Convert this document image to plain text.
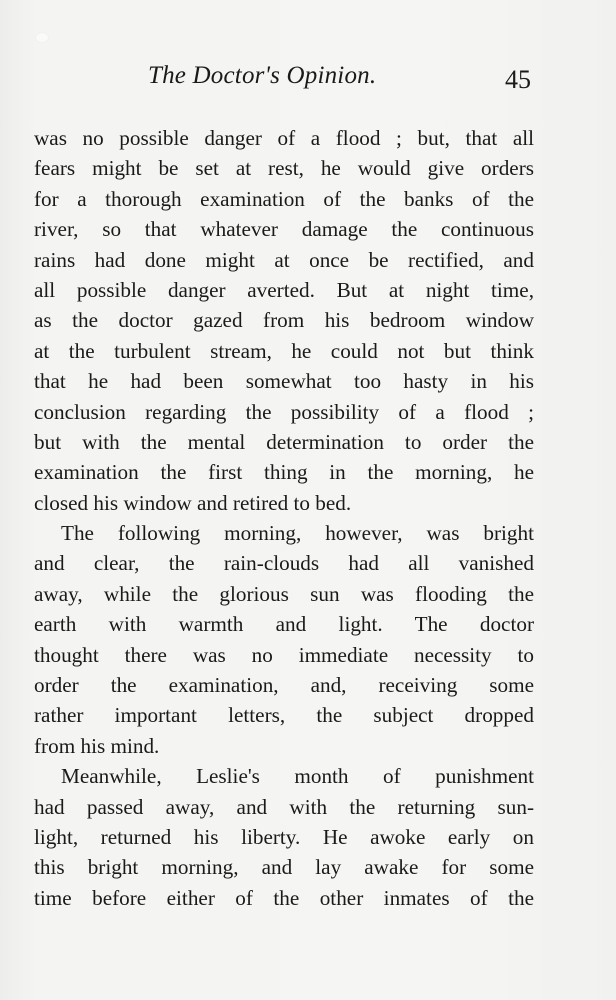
The Doctor's Opinion.	45
was no possible danger of a flood ; but, that all
fears might be set at rest, he would give orders
for a thorough examination of the banks of the
river, so that whatever damage the continuous
rains had done might at once be rectified, and
all possible danger averted. But at night time,
as the doctor gazed from his bedroom window
at the turbulent stream, he could not but think
that he had been somewhat too hasty in his
conclusion regarding the possibility of a flood ;
but with the mental determination to order the
examination the first thing in the morning, he
closed his window and retired to bed.
The following morning, however, was bright
and clear, the rain-clouds had all vanished
away, while the glorious sun was flooding the
earth with warmth and light. The doctor
thought there was no immediate necessity to
order the examination, and, receiving some
rather important letters, the subject dropped
from his mind.
Meanwhile, Leslie's month of punishment
had passed away, and with the returning sun-
light, returned his liberty. He awoke early on
this bright morning, and lay awake for some
time before either of the other inmates of the
